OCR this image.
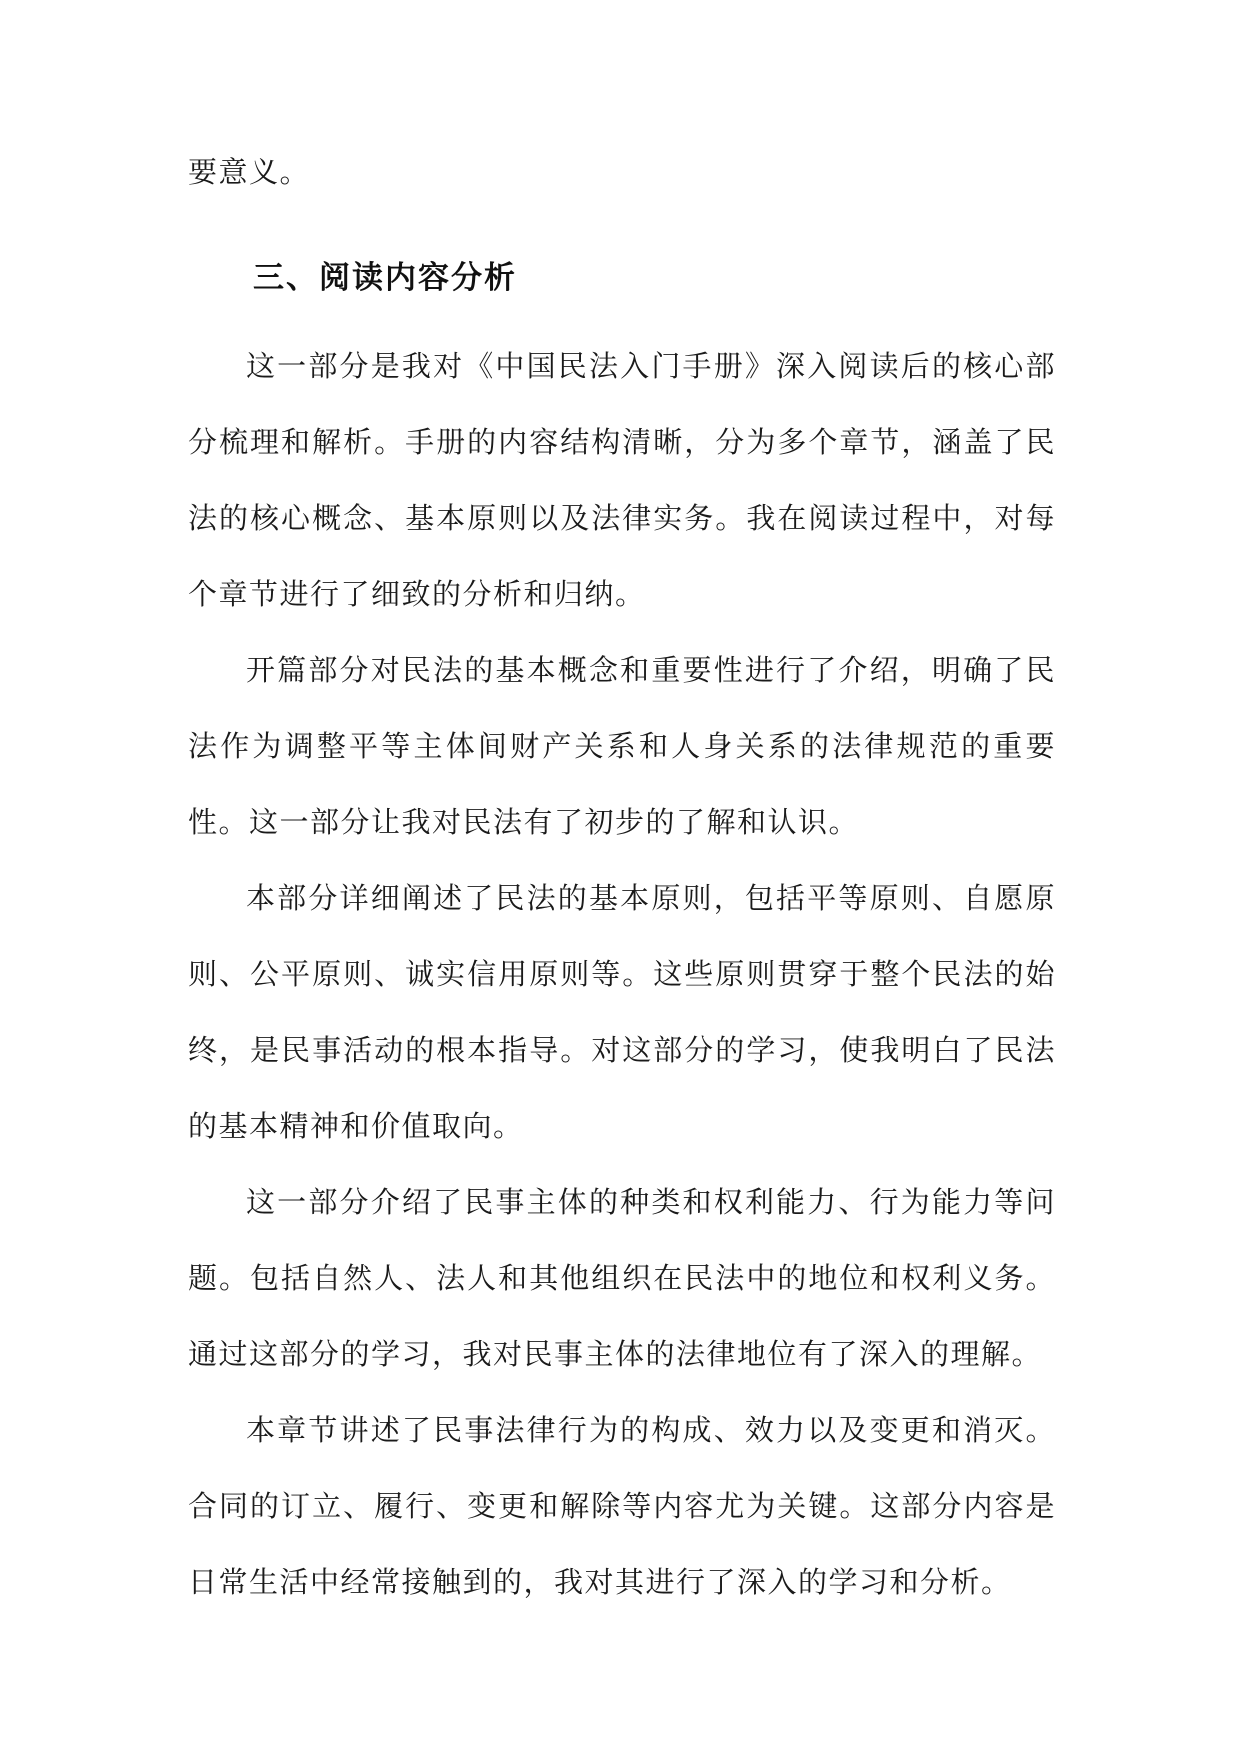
要意义。
三、阅读内容分析

这一部分是我对《中国民法入门手册》深入阅读后的核心部分梳理和解析。手册的内容结构清晰，分为多个章节，涵盖了民法的核心概念、基本原则以及法律实务。我在阅读过程中，对每个章节进行了细致的分析和归纳。

开篇部分对民法的基本概念和重要性进行了介绍，明确了民法作为调整平等主体间财产关系和人身关系的法律规范的重要性。这一部分让我对民法有了初步的了解和认识。

本部分详细阐述了民法的基本原则，包括平等原则、自愿原则、公平原则、诚实信用原则等。这些原则贯穿于整个民法的始终，是民事活动的根本指导。对这部分的学习，使我明白了民法的基本精神和价值取向。

这一部分介绍了民事主体的种类和权利能力、行为能力等问题。包括自然人、法人和其他组织在民法中的地位和权利义务。通过这部分的学习，我对民事主体的法律地位有了深入的理解。

本章节讲述了民事法律行为的构成、效力以及变更和消灭。合同的订立、履行、变更和解除等内容尤为关键。这部分内容是日常生活中经常接触到的，我对其进行了深入的学习和分析。
